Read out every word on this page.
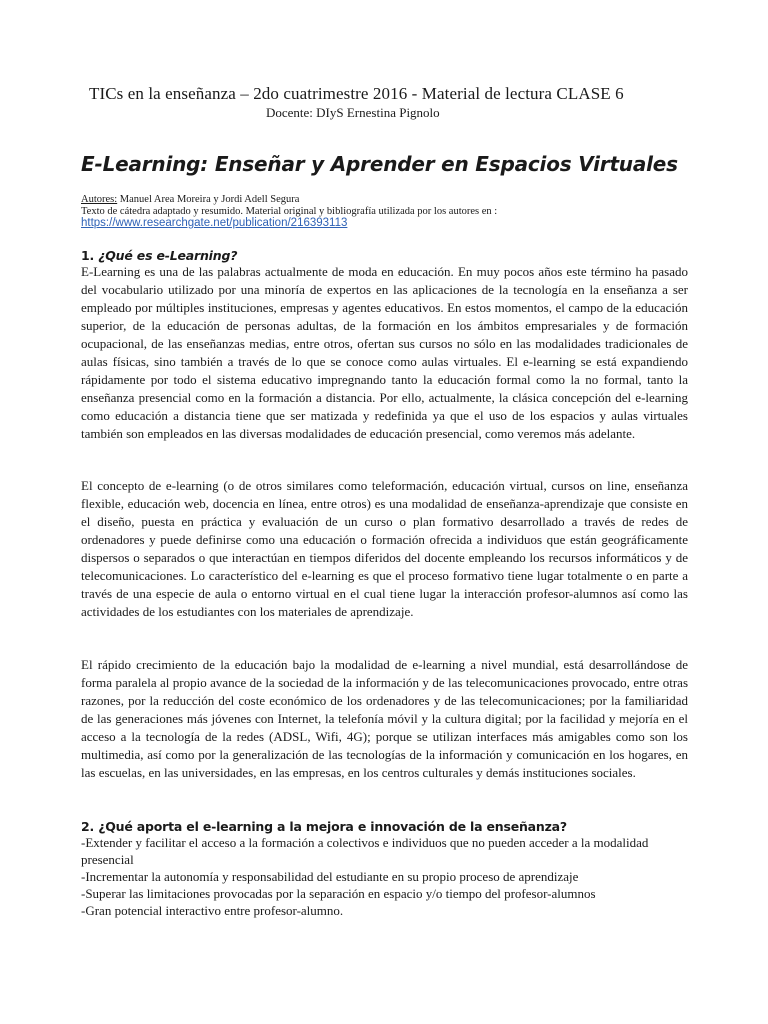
TICs en la enseñanza – 2do cuatrimestre 2016 - Material de lectura CLASE 6
Docente: DIyS Ernestina Pignolo
E-Learning: Enseñar y Aprender en Espacios Virtuales
Autores: Manuel Area Moreira y Jordi Adell Segura
Texto de cátedra adaptado y resumido. Material original y bibliografía utilizada por los autores en :
https://www.researchgate.net/publication/216393113
1. ¿Qué es e-Learning?

E-Learning es una de las palabras actualmente de moda en educación. En muy pocos años este término ha pasado del vocabulario utilizado por una minoría de expertos en las aplicaciones de la tecnología en la enseñanza a ser empleado por múltiples instituciones, empresas y agentes educativos. En estos momentos, el campo de la educación superior, de la educación de personas adultas, de la formación en los ámbitos empresariales y de formación ocupacional, de las enseñanzas medias, entre otros, ofertan sus cursos no sólo en las modalidades tradicionales de aulas físicas, sino también a través de lo que se conoce como aulas virtuales. El e-learning se está expandiendo rápidamente por todo el sistema educativo impregnando tanto la educación formal como la no formal, tanto la enseñanza presencial como en la formación a distancia. Por ello, actualmente, la clásica concepción del e-learning como educación a distancia tiene que ser matizada y redefinida ya que el uso de los espacios y aulas virtuales también son empleados en las diversas modalidades de educación presencial, como veremos más adelante.

El concepto de e-learning (o de otros similares como teleformación, educación virtual, cursos on line, enseñanza flexible, educación web, docencia en línea, entre otros) es una modalidad de enseñanza-aprendizaje que consiste en el diseño, puesta en práctica y evaluación de un curso o plan formativo desarrollado a través de redes de ordenadores y puede definirse como una educación o formación ofrecida a individuos que están geográficamente dispersos o separados o que interactúan en tiempos diferidos del docente empleando los recursos informáticos y de telecomunicaciones. Lo característico del e-learning es que el proceso formativo tiene lugar totalmente o en parte a través de una especie de aula o entorno virtual en el cual tiene lugar la interacción profesor-alumnos así como las actividades de los estudiantes con los materiales de aprendizaje.

El rápido crecimiento de la educación bajo la modalidad de e-learning a nivel mundial, está desarrollándose de forma paralela al propio avance de la sociedad de la información y de las telecomunicaciones provocado, entre otras razones, por la reducción del coste económico de los ordenadores y de las telecomunicaciones; por la familiaridad de las generaciones más jóvenes con Internet, la telefonía móvil y la cultura digital; por la facilidad y mejoría en el acceso a la tecnología de la redes (ADSL, Wifi, 4G); porque se utilizan interfaces más amigables como son los multimedia, así como por la generalización de las tecnologías de la información y comunicación en los hogares, en las escuelas, en las universidades, en las empresas, en los centros culturales y demás instituciones sociales.

2. ¿Qué aporta el e-learning a la mejora e innovación de la enseñanza?
-Extender y facilitar el acceso a la formación a colectivos e individuos que no pueden acceder a la modalidad presencial
-Incrementar la autonomía y responsabilidad del estudiante en su propio proceso de aprendizaje
-Superar las limitaciones provocadas por la separación en espacio y/o tiempo del profesor-alumnos
-Gran potencial interactivo entre profesor-alumno.
